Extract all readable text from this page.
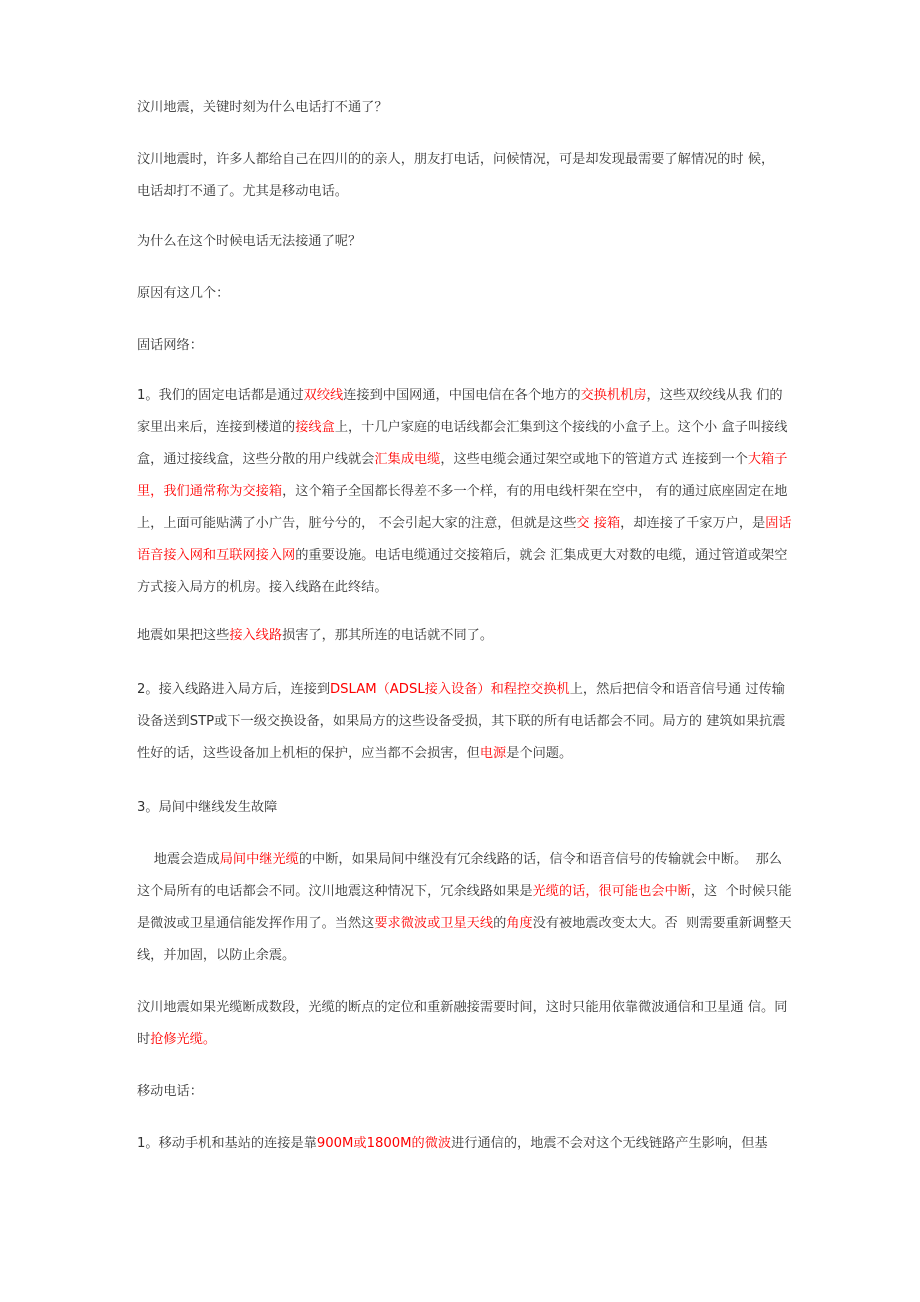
汶川地震，关键时刻为什么电话打不通了？

汶川地震时，许多人都给自己在四川的的亲人，朋友打电话，问候情况，可是却发现最需要了解情况的时 候，
电话却打不通了。尤其是移动电话。

为什么在这个时候电话无法接通了呢？

原因有这几个：

固话网络：

1。我们的固定电话都是通过双绞线连接到中国网通，中国电信在各个地方的交换机机房，这些双绞线从我 们的家里出来后，连接到楼道的接线盒上，十几户家庭的电话线都会汇集到这个接线的小盒子上。这个小 盒子叫接线盒，通过接线盒，这些分散的用户线就会汇集成电缆，这些电缆会通过架空或地下的管道方式 连接到一个大箱子里，我们通常称为交接箱，这个箱子全国都长得差不多一个样，有的用电线杆架在空中， 有的通过底座固定在地上，上面可能贴满了小广告，脏兮兮的， 不会引起大家的注意，但就是这些交 接箱，却连接了千家万户，是固话语音接入网和互联网接入网的重要设施。电话电缆通过交接箱后，就会 汇集成更大对数的电缆，通过管道或架空方式接入局方的机房。接入线路在此终结。

地震如果把这些接入线路损害了，那其所连的电话就不同了。

2。接入线路进入局方后，连接到DSLAM（ADSL接入设备）和程控交换机上，然后把信令和语音信号通 过传输设备送到STP或下一级交换设备，如果局方的这些设备受损，其下联的所有电话都会不同。局方的 建筑如果抗震性好的话，这些设备加上机柜的保护，应当都不会损害，但电源是个问题。

3。局间中继线发生故障

地震会造成局间中继光缆的中断，如果局间中继没有冗余线路的话，信令和语音信号的传输就会中断。  那么这个局所有的电话都会不同。汶川地震这种情况下，冗余线路如果是光缆的话，很可能也会中断，这  个时候只能是微波或卫星通信能发挥作用了。当然这要求微波或卫星天线的角度没有被地震改变太大。否  则需要重新调整天线，并加固，以防止余震。

汶川地震如果光缆断成数段，光缆的断点的定位和重新融接需要时间，这时只能用依靠微波通信和卫星通 信。同时抢修光缆。

移动电话：

1。移动手机和基站的连接是靠900M或1800M的微波进行通信的，地震不会对这个无线链路产生影响，但基
